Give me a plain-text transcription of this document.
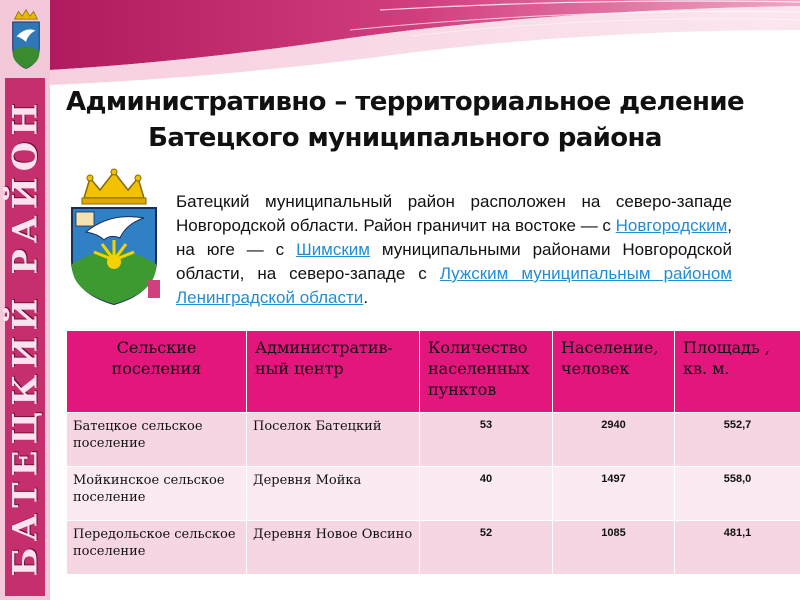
БАТЕЦКИЙ РАЙОН Административно – территориальное деление
Батецкого муниципального района
Батецкий муниципальный район расположен на северо-западе Новгородской области. Район граничит на востоке — с Новгородским, на юге — с Шимским муниципальными районами Новгородской области, на северо-западе с Лужским муниципальным районом Ленинградской области.
Сельские поселения	Административ-ный центр	Количество населенных пунктов	Население, человек	Площадь , кв. м.
Батецкое сельское поселение	Поселок Батецкий	53	2940	552,7
Мойкинское сельское поселение	Деревня Мойка	40	1497	558,0
Передольское сельское поселение	Деревня Новое Овсино	52	1085	481,1
